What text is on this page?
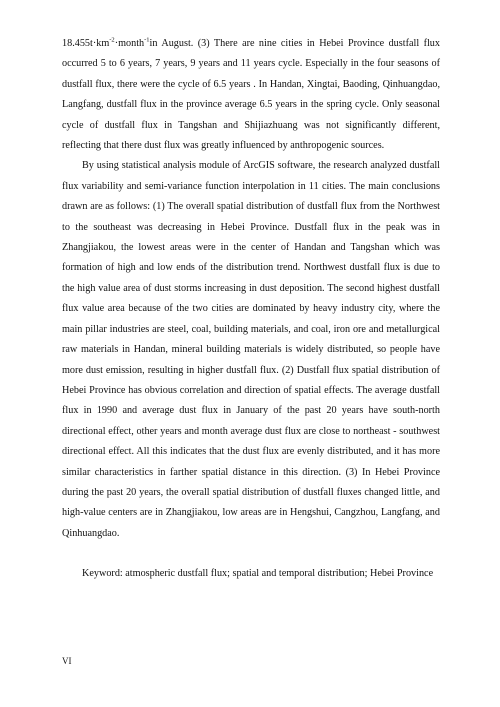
$18.455t\cdot km^{-2}\cdot month^{-1}in$ August. (3) There are nine cities in Hebei Province dustfall flux occurred 5 to 6 years, 7 years, 9 years and 11 years cycle. Especially in the four seasons of dustfall flux, there were the cycle of 6.5 years . In Handan, Xingtai, Baoding, Qinhuangdao, Langfang, dustfall flux in the province average 6.5 years in the spring cycle. Only seasonal cycle of dustfall flux in Tangshan and Shijiazhuang was not significantly different, reflecting that there dust flux was greatly influenced by anthropogenic sources.

By using statistical analysis module of ArcGIS software, the research analyzed dustfall flux variability and semi-variance function interpolation in 11 cities. The main conclusions drawn are as follows: (1) The overall spatial distribution of dustfall flux from the Northwest to the southeast was decreasing in Hebei Province. Dustfall flux in the peak was in Zhangjiakou, the lowest areas were in the center of Handan and Tangshan which was formation of high and low ends of the distribution trend. Northwest dustfall flux is due to the high value area of dust storms increasing in dust deposition. The second highest dustfall flux value area because of the two cities are dominated by heavy industry city, where the main pillar industries are steel, coal, building materials, and coal, iron ore and metallurgical raw materials in Handan, mineral building materials is widely distributed, so people have more dust emission, resulting in higher dustfall flux. (2) Dustfall flux spatial distribution of Hebei Province has obvious correlation and direction of spatial effects. The average dustfall flux in 1990 and average dust flux in January of the past 20 years have south-north directional effect, other years and month average dust flux are close to northeast - southwest directional effect. All this indicates that the dust flux are evenly distributed, and it has more similar characteristics in farther spatial distance in this direction. (3) In Hebei Province during the past 20 years, the overall spatial distribution of dustfall fluxes changed little, and high-value centers are in Zhangjiakou, low areas are in Hengshui, Cangzhou, Langfang, and Qinhuangdao.

Keyword: atmospheric dustfall flux; spatial and temporal distribution; Hebei Province

VI
